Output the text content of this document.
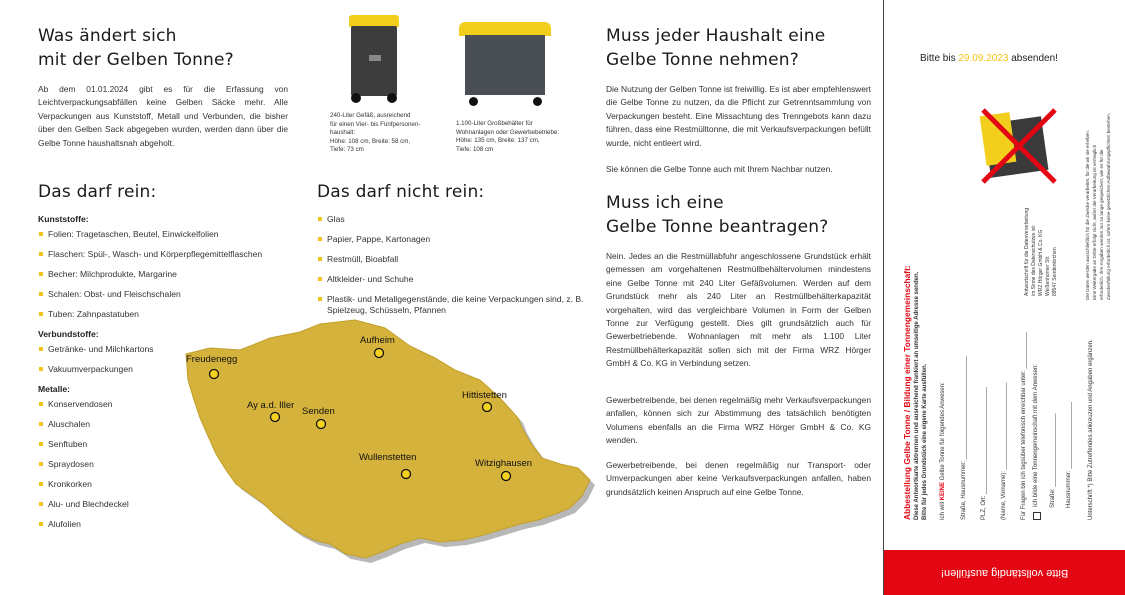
Was ändert sich
mit der Gelben Tonne?

Ab dem 01.01.2024 gibt es für die Erfassung von Leichtverpackungsabfällen keine Gelben Säcke mehr. Alle Verpackungen aus Kunststoff, Metall und Verbunden, die bisher über den Gelben Sack abgegeben wurden, werden dann über die Gelbe Tonne haushaltsnah abgeholt.

240-Liter Gefäß, ausreichend
für einen Vier- bis Fünfpersonen-
haushalt:
Höhe: 108 cm, Breite: 58 cm,
Tiefe: 73 cm
1.100-Liter Großbehälter für
Wohnanlagen oder Gewerbebetriebe:
Höhe: 135 cm, Breite: 137 cm,
Tiefe: 108 cm
Das darf rein:
Kunststoffe:
Folien: Tragetaschen, Beutel, Einwickelfolien
Flaschen: Spül-, Wasch- und Körperpflegemittelflaschen
Becher: Milchprodukte, Margarine
Schalen: Obst- und Fleischschalen
Tuben: Zahnpastatuben
Verbundstoffe:
Getränke- und Milchkartons
Vakuumverpackungen
Metalle:
Konservendosen
Aluschalen
Senftuben
Spraydosen
Kronkorken
Alu- und Blechdeckel
Alufolien
Das darf nicht rein:
Glas
Papier, Pappe, Kartonagen
Restmüll, Bioabfall
Altkleider- und Schuhe
Plastik- und Metallgegenstände, die keine Verpackungen sind, z. B. Spielzeug, Schüsseln, Pfannen
Freudenegg
Aufheim
Ay a.d. Iller
Senden
Hittistetten
Wullenstetten
Witzighausen
Muss jeder Haushalt eine
Gelbe Tonne nehmen?

Die Nutzung der Gelben Tonne ist freiwillig. Es ist aber empfehlenswert die Gelbe Tonne zu nutzen, da die Pflicht zur Getrenntsammlung von Verpackungen besteht. Eine Missachtung des Trenngebots kann dazu führen, dass eine Restmülltonne, die mit Verkaufsverpackungen befüllt wurde, nicht entleert wird.

Sie können die Gelbe Tonne auch mit Ihrem Nachbar nutzen.

Muss ich eine
Gelbe Tonne beantragen?

Nein. Jedes an die Restmüllabfuhr angeschlossene Grundstück erhält gemessen am vorgehaltenen Restmüllbehältervolumen mindestens eine Gelbe Tonne mit 240 Liter Gefäßvolumen. Werden auf dem Grundstück mehr als 240 Liter an Restmüllbehälterkapazität vorgehalten, wird das vergleichbare Volumen in Form der Gelben Tonne zur Verfügung gestellt. Dies gilt grundsätzlich auch für Gewerbetriebende. Wohnanlagen mit mehr als 1.100 Liter Restmüllbehälterkapazität sollen sich mit der Firma WRZ Hörger GmbH & Co. KG in Verbindung setzen.

Gewerbetreibende, bei denen regelmäßig mehr Verkaufsverpackungen anfallen, können sich zur Abstimmung des tatsächlich benötigten Volumens ebenfalls an die Firma WRZ Hörger GmbH & Co. KG wenden.

Gewerbetreibende, bei denen regelmäßig nur Transport- oder Umverpackungen aber keine Verkaufsverpackungen anfallen, haben grundsätzlich keinen Anspruch auf eine Gelbe Tonne.

Bitte bis 29.09.2023 absenden!
Abbestellung Gelbe Tonne / Bildung einer Tonnengemeinschaft: Diese Antwortkarte abtrennen und ausreichend frankiert an umseitige Adresse senden. Bitte für jedes Grundstück eine eigene Karte ausfüllen. Ich will KEINE Gelbe Tonne für folgendes Anwesen: Straße, Hausnummer: _______________________________ PLZ, Ort: ________________________________ (Name, Vorname): __________________________ Für Fragen bin ich tagsüber telefonisch erreichbar unter: ___________ Ich bilde eine Tonnengemeinschaft mit dem Anwesen: Straße: ______________________ Hausnummer: ____________________	Unterschrift *) Bitte Zutreffendes ankreuzen und Angaben ergänzen.
Antwortschrift für die Datenverarbeitung im Sinne des Datenschutzes ist: WRZ Hörger GmbH & Co. KG Weißenhorner Str. 89547 Sendenkirchen	Die Daten werden ausschließlich für die Zwecke verarbeitet, für die wir sie erheben. Eine Weitergabe an Dritte erfolgt nicht, außer die Verarbeitung ist vertraglich erforderlich. Ihre Angaben werden nur so lange gespeichert, wie es für die Zweckerfüllung erforderlich ist, sofern keine gesetzlichen Aufbewahrungspflichten bestehen.
Bitte vollständig ausfüllen!
